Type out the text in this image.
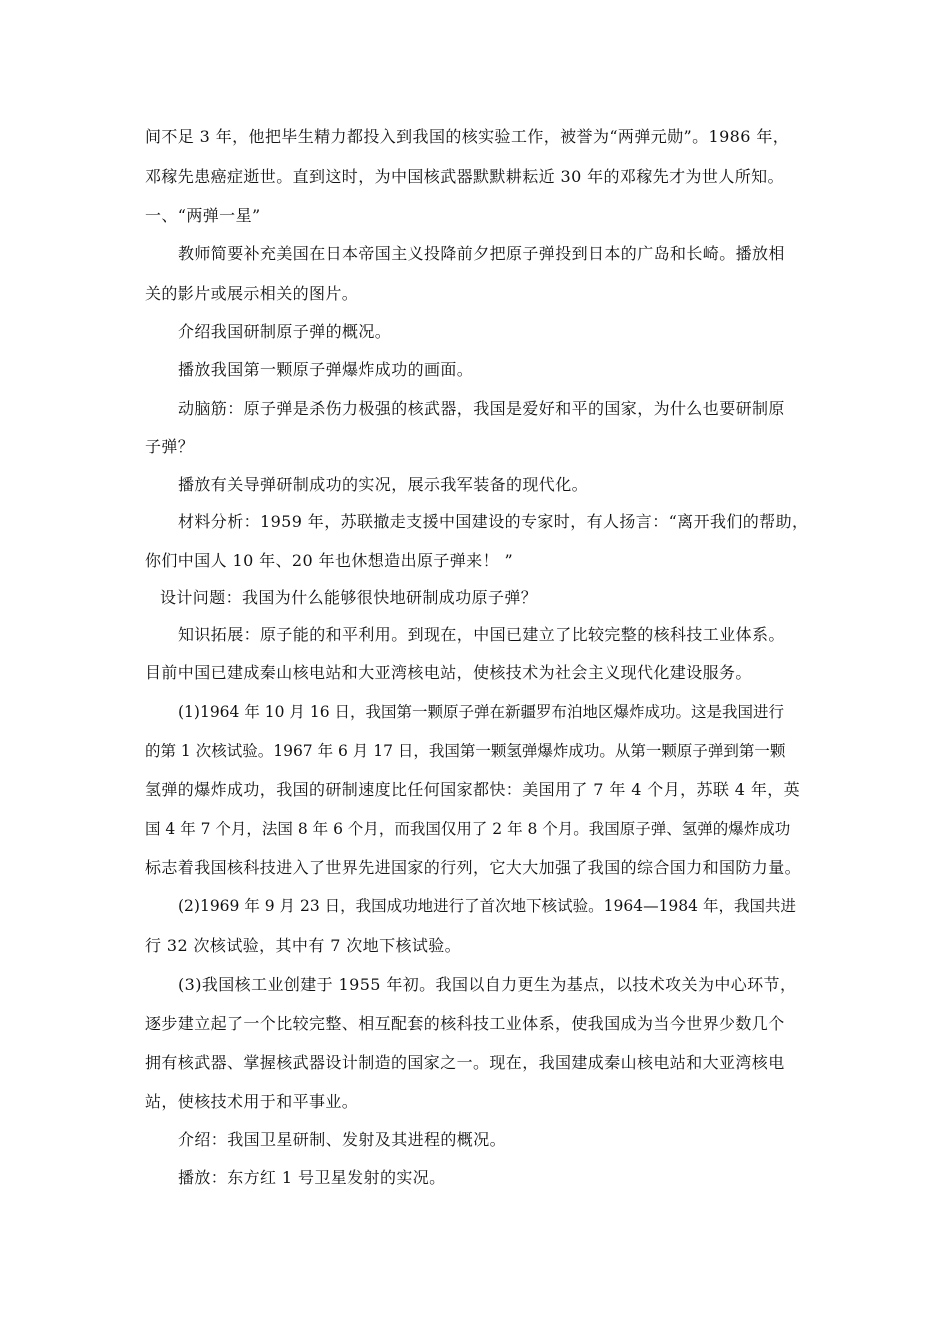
间不足 3 年，他把毕生精力都投入到我国的核实验工作，被誉为“两弹元勋”。1986 年，
邓稼先患癌症逝世。直到这时，为中国核武器默默耕耘近 30 年的邓稼先才为世人所知。
一、“两弹一星”
教师简要补充美国在日本帝国主义投降前夕把原子弹投到日本的广岛和长崎。播放相
关的影片或展示相关的图片。
介绍我国研制原子弹的概况。
播放我国第一颗原子弹爆炸成功的画面。
动脑筋：原子弹是杀伤力极强的核武器，我国是爱好和平的国家，为什么也要研制原
子弹？
播放有关导弹研制成功的实况，展示我军装备的现代化。
材料分析：1959 年，苏联撤走支援中国建设的专家时，有人扬言：“离开我们的帮助，
你们中国人 10 年、20 年也休想造出原子弹来！ ”
设计问题：我国为什么能够很快地研制成功原子弹？
知识拓展：原子能的和平利用。到现在，中国已建立了比较完整的核科技工业体系。
目前中国已建成秦山核电站和大亚湾核电站，使核技术为社会主义现代化建设服务。
(1)1964 年 10 月 16 日，我国第一颗原子弹在新疆罗布泊地区爆炸成功。这是我国进行
的第 1 次核试验。1967 年 6 月 17 日，我国第一颗氢弹爆炸成功。从第一颗原子弹到第一颗
氢弹的爆炸成功，我国的研制速度比任何国家都快：美国用了 7 年 4 个月，苏联 4 年，英
国 4 年 7 个月，法国 8 年 6 个月，而我国仅用了 2 年 8 个月。我国原子弹、氢弹的爆炸成功
标志着我国核科技进入了世界先进国家的行列，它大大加强了我国的综合国力和国防力量。
(2)1969 年 9 月 23 日，我国成功地进行了首次地下核试验。1964—1984 年，我国共进
行 32 次核试验，其中有 7 次地下核试验。
(3)我国核工业创建于 1955 年初。我国以自力更生为基点，以技术攻关为中心环节，
逐步建立起了一个比较完整、相互配套的核科技工业体系，使我国成为当今世界少数几个
拥有核武器、掌握核武器设计制造的国家之一。现在，我国建成秦山核电站和大亚湾核电
站，使核技术用于和平事业。
介绍：我国卫星研制、发射及其进程的概况。
播放：东方红 1 号卫星发射的实况。
